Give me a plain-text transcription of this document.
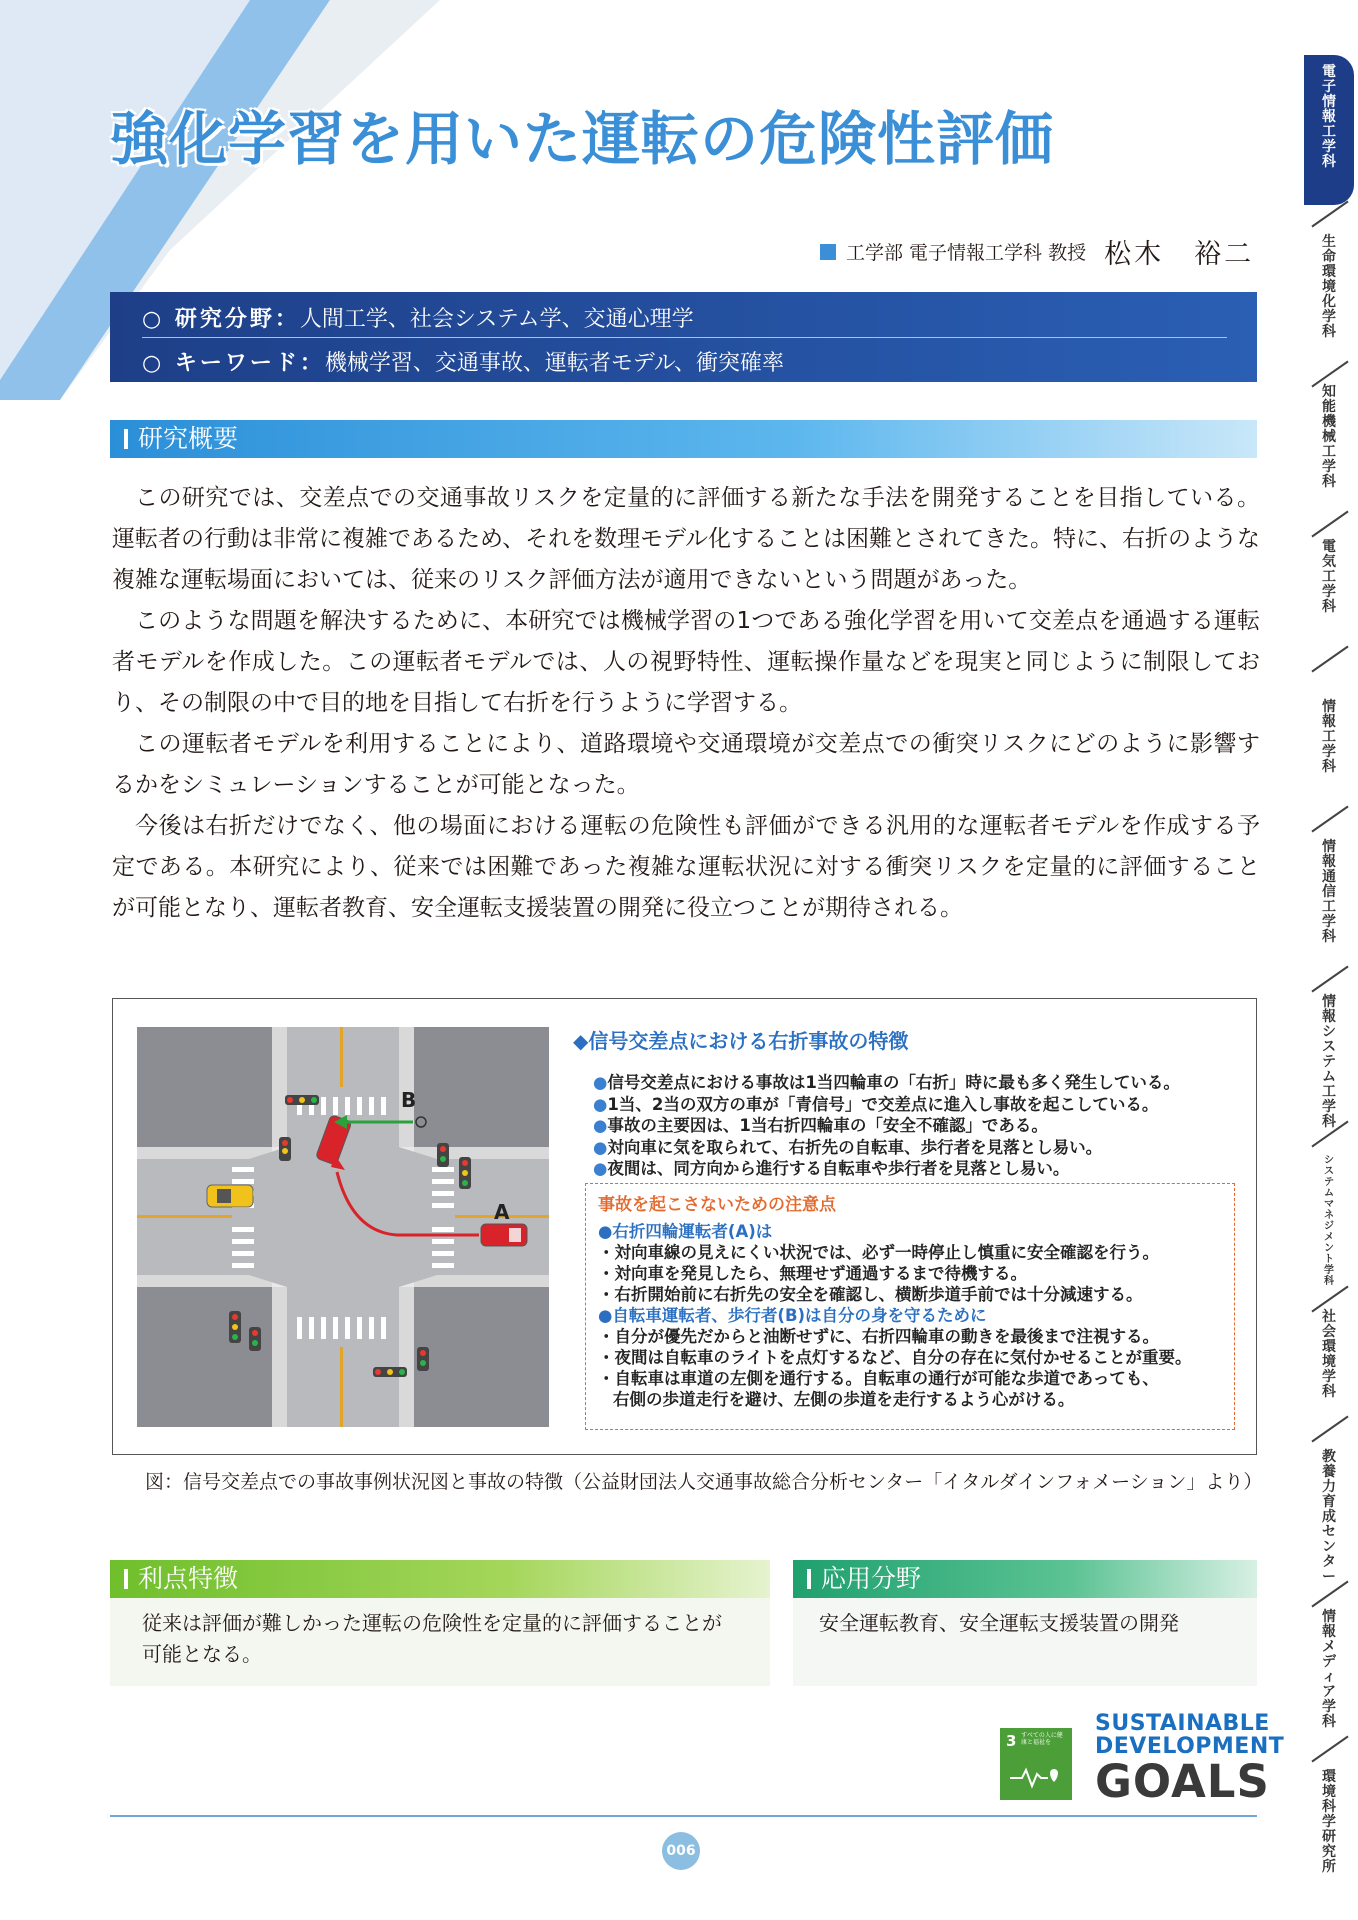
強化学習を用いた運転の危険性評価
工学部 電子情報工学科 教授 松木　裕二
○ 研究分野：人間工学、社会システム学、交通心理学
○ キーワード：機械学習、交通事故、運転者モデル、衝突確率
研究概要

この研究では、交差点での交通事故リスクを定量的に評価する新たな手法を開発することを目指している。運転者の行動は非常に複雑であるため、それを数理モデル化することは困難とされてきた。特に、右折のような複雑な運転場面においては、従来のリスク評価方法が適用できないという問題があった。

このような問題を解決するために、本研究では機械学習の1つである強化学習を用いて交差点を通過する運転者モデルを作成した。この運転者モデルでは、人の視野特性、運転操作量などを現実と同じように制限しており、その制限の中で目的地を目指して右折を行うように学習する。

この運転者モデルを利用することにより、道路環境や交通環境が交差点での衝突リスクにどのように影響するかをシミュレーションすることが可能となった。

今後は右折だけでなく、他の場面における運転の危険性も評価ができる汎用的な運転者モデルを作成する予定である。本研究により、従来では困難であった複雑な運転状況に対する衝突リスクを定量的に評価することが可能となり、運転者教育、安全運転支援装置の開発に役立つことが期待される。

B
A
◆信号交差点における右折事故の特徴
●信号交差点における事故は1当四輪車の「右折」時に最も多く発生している。
●1当、2当の双方の車が「青信号」で交差点に進入し事故を起こしている。
●事故の主要因は、1当右折四輪車の「安全不確認」である。
●対向車に気を取られて、右折先の自転車、歩行者を見落とし易い。
●夜間は、同方向から進行する自転車や歩行者を見落とし易い。
事故を起こさないための注意点
●右折四輪運転者(A)は
・対向車線の見えにくい状況では、必ず一時停止し慎重に安全確認を行う。
・対向車を発見したら、無理せず通過するまで待機する。
・右折開始前に右折先の安全を確認し、横断歩道手前では十分減速する。
●自転車運転者、歩行者(B)は自分の身を守るために
・自分が優先だからと油断せずに、右折四輪車の動きを最後まで注視する。
・夜間は自転車のライトを点灯するなど、自分の存在に気付かせることが重要。
・自転車は車道の左側を通行する。自転車の通行が可能な歩道であっても、
右側の歩道走行を避け、左側の歩道を走行するよう心がける。
図：信号交差点での事故事例状況図と事故の特徴（公益財団法人交通事故総合分析センター「イタルダインフォメーション」より）
利点特徴
従来は評価が難しかった運転の危険性を定量的に評価することが可能となる。
応用分野
安全運転教育、安全運転支援装置の開発
3 すべての人に健康と福祉を
SUSTAINABLE
DEVELOPMENT
GOALS
006
電
子
情
報
工
学
科
生
命
環
境
化
学
科
知
能
機
械
工
学
科
電
気
工
学
科
情
報
工
学
科
情
報
通
信
工
学
科
情
報
シ
ス
テ
ム
工
学
科
シ
ス
テ
ム
マ
ネ
ジ
メ
ン
ト
学
科
社
会
環
境
学
科
教
養
力
育
成
セ
ン
タ
ー
情
報
メ
デ
ィ
ア
学
科
環
境
科
学
研
究
所
